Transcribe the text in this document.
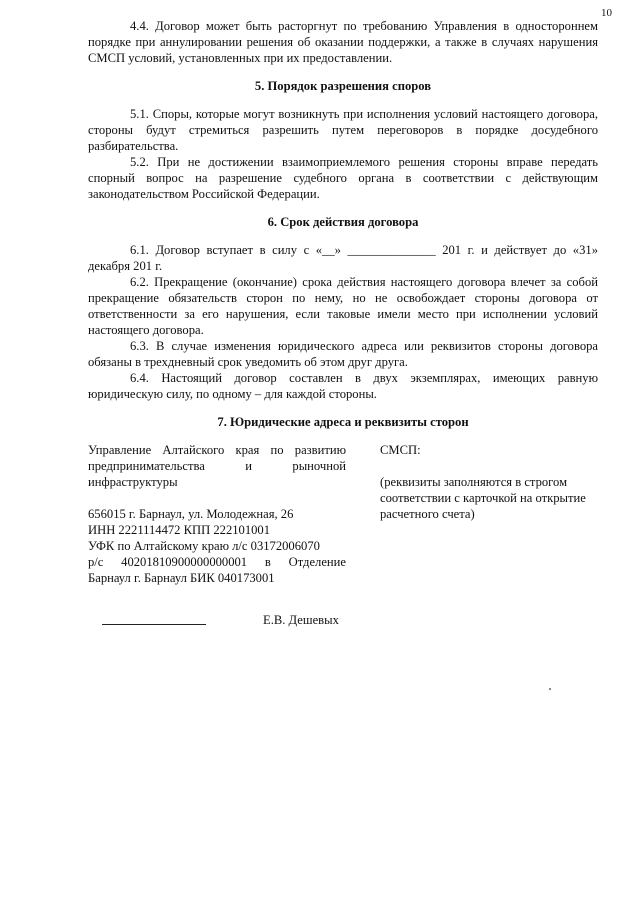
10

4.4. Договор может быть расторгнут по требованию Управления в одностороннем порядке при аннулировании решения об оказании поддержки, а также в случаях нарушения СМСП условий, установленных при их предоставлении.

5. Порядок разрешения споров

5.1. Споры, которые могут возникнуть при исполнения условий настоящего договора, стороны будут стремиться разрешить путем переговоров в порядке досудебного разбирательства.

5.2. При не достижении взаимоприемлемого решения стороны вправе передать спорный вопрос на разрешение судебного органа в соответствии с действующим законодательством Российской Федерации.

6. Срок действия договора

6.1. Договор вступает в силу с «__» ______________ 201 г. и действует до «31» декабря 201 г.

6.2. Прекращение (окончание) срока действия настоящего договора влечет за собой прекращение обязательств сторон по нему, но не освобождает стороны договора от ответственности за его нарушения, если таковые имели место при исполнении условий настоящего договора.

6.3. В случае изменения юридического адреса или реквизитов стороны договора обязаны в трехдневный срок уведомить об этом друг друга.

6.4. Настоящий договор составлен в двух экземплярах, имеющих равную юридическую силу, по одному – для каждой стороны.

7. Юридические адреса и реквизиты сторон

Управление Алтайского края по развитию предпринимательства и рыночной инфраструктуры

656015 г. Барнаул, ул. Молодежная, 26

ИНН 2221114472 КПП 222101001

УФК по Алтайскому краю л/с 03172006070

р/с 40201810900000000001 в Отделение Барнаул г. Барнаул БИК 040173001

СМСП:

(реквизиты заполняются в строгом соответствии с карточкой на открытие расчетного счета)

Е.В. Дешевых
